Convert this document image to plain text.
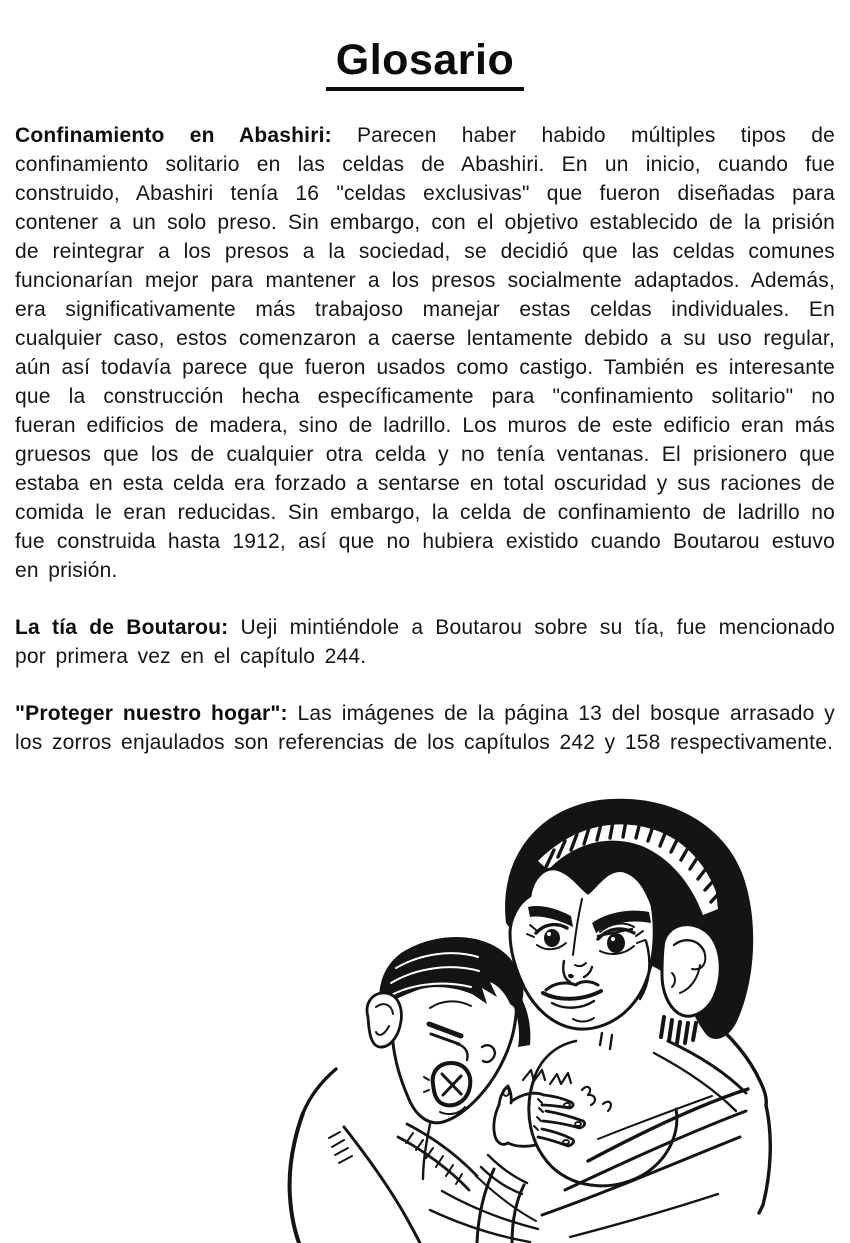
Glosario

Confinamiento en Abashiri: Parecen haber habido múltiples tipos de confinamiento solitario en las celdas de Abashiri. En un inicio, cuando fue construido, Abashiri tenía 16 "celdas exclusivas" que fueron diseñadas para contener a un solo preso. Sin embargo, con el objetivo establecido de la prisión de reintegrar a los presos a la sociedad, se decidió que las celdas comunes funcionarían mejor para mantener a los presos socialmente adaptados. Además, era significativamente más trabajoso manejar estas celdas individuales. En cualquier caso, estos comenzaron a caerse lentamente debido a su uso regular, aún así todavía parece que fueron usados como castigo. También es interesante que la construcción hecha específicamente para "confinamiento solitario" no fueran edificios de madera, sino de ladrillo. Los muros de este edificio eran más gruesos que los de cualquier otra celda y no tenía ventanas. El prisionero que estaba en esta celda era forzado a sentarse en total oscuridad y sus raciones de comida le eran reducidas. Sin embargo, la celda de confinamiento de ladrillo no fue construida hasta 1912, así que no hubiera existido cuando Boutarou estuvo en prisión.

La tía de Boutarou: Ueji mintiéndole a Boutarou sobre su tía, fue mencionado por primera vez en el capítulo 244.

"Proteger nuestro hogar": Las imágenes de la página 13 del bosque arrasado y los zorros enjaulados son referencias de los capítulos 242 y 158 respectivamente.
